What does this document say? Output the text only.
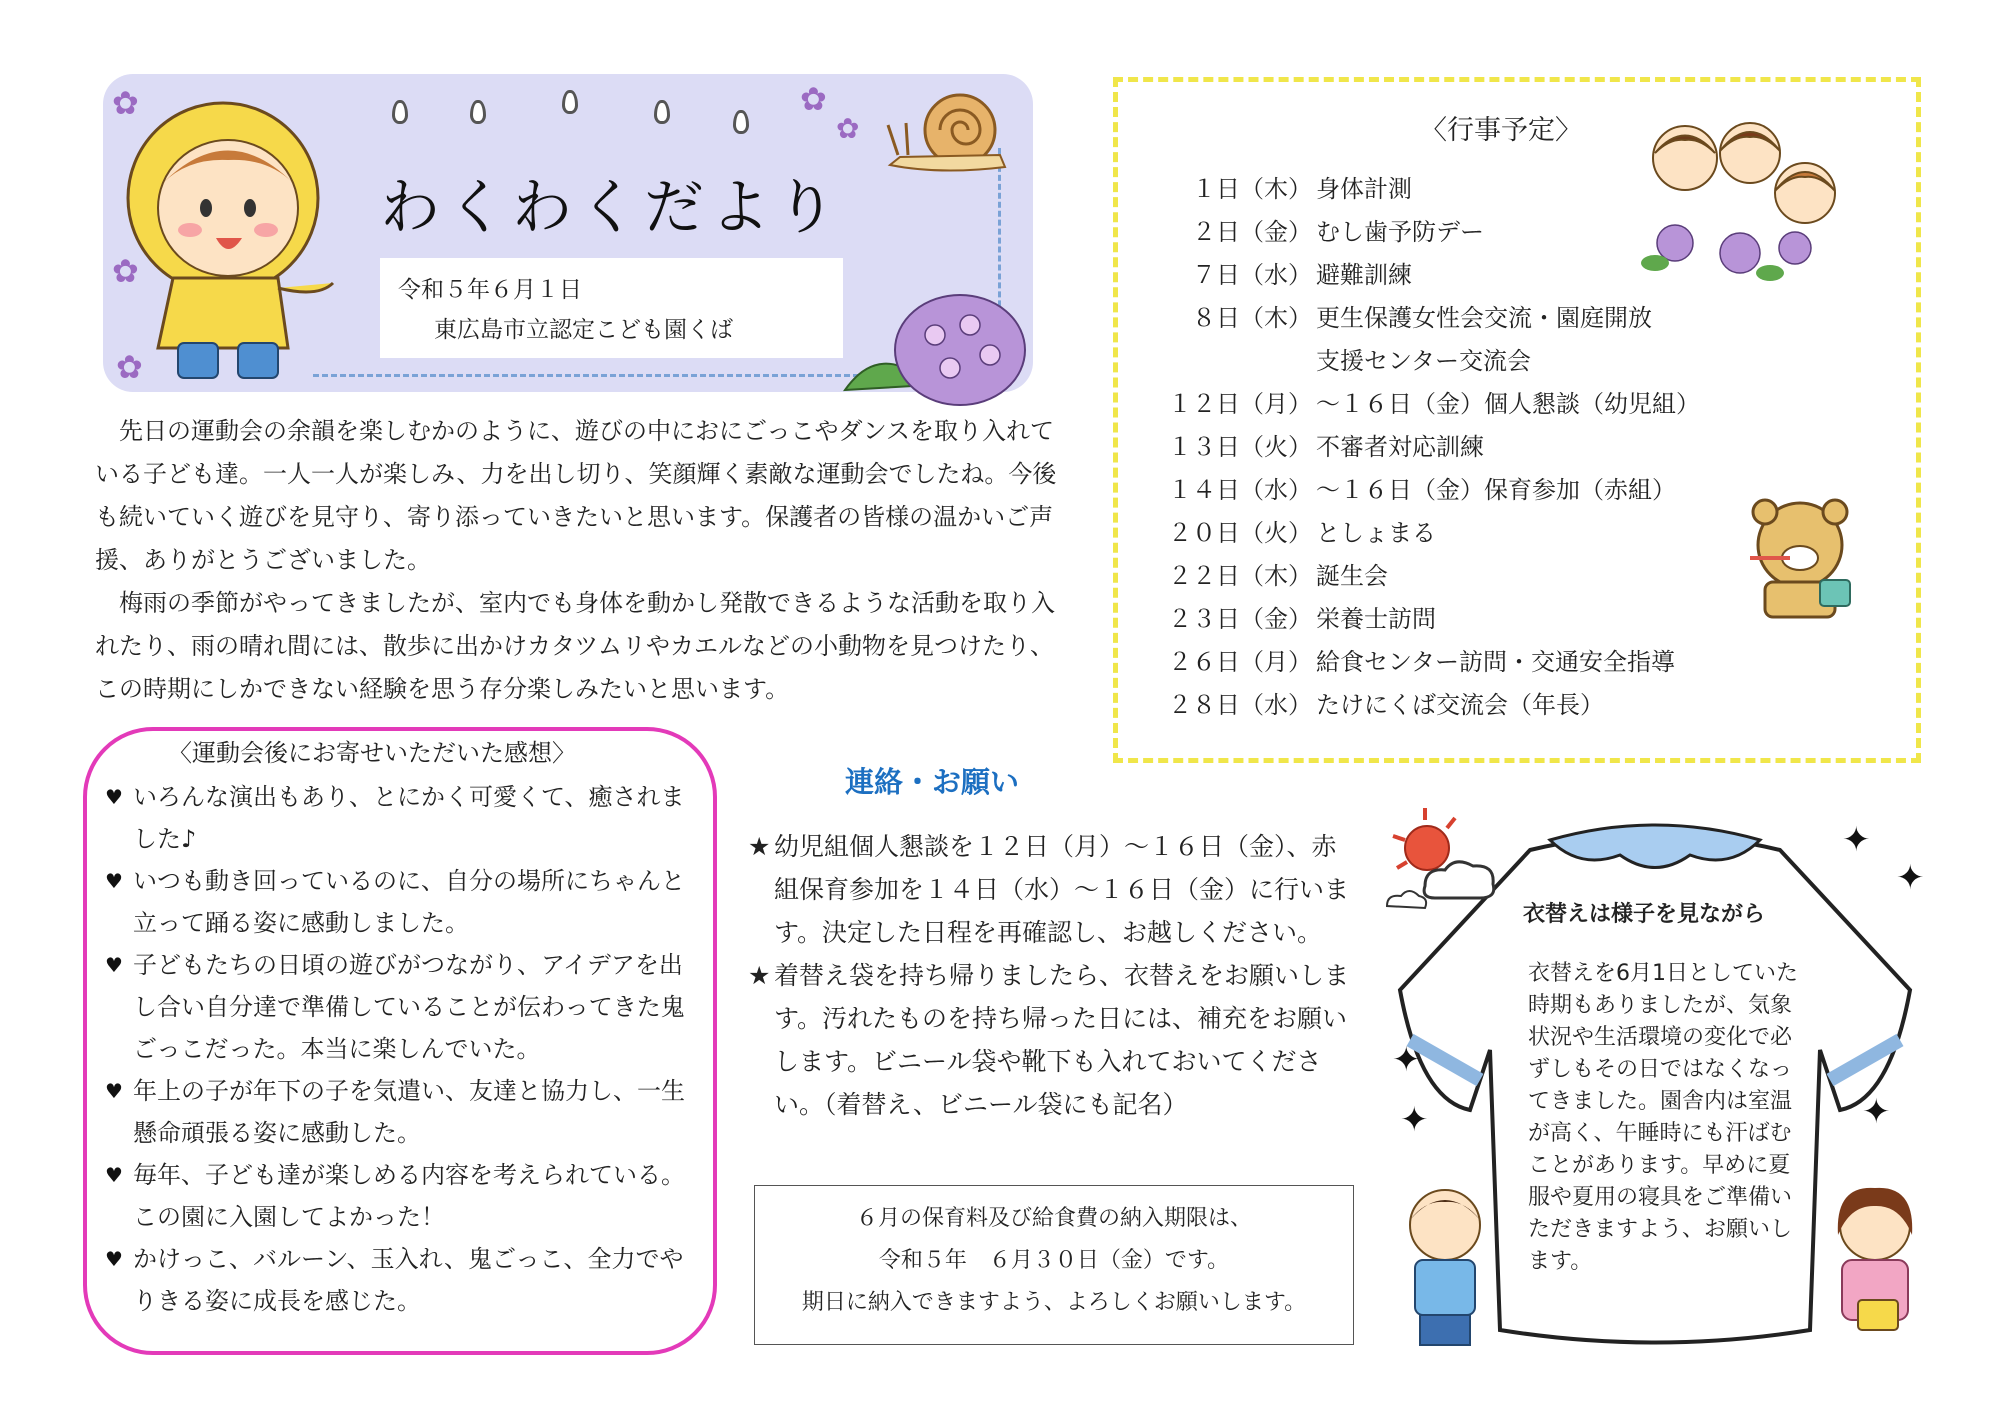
わくわくだより
令和５年６月１日
東広島市立認定こども園くば

先日の運動会の余韻を楽しむかのように、遊びの中におにごっこやダンスを取り入れている子ども達。一人一人が楽しみ、力を出し切り、笑顔輝く素敵な運動会でしたね。今後も続いていく遊びを見守り、寄り添っていきたいと思います。保護者の皆様の温かいご声援、ありがとうございました。

梅雨の季節がやってきましたが、室内でも身体を動かし発散できるような活動を取り入れたり、雨の晴れ間には、散歩に出かけカタツムリやカエルなどの小動物を見つけたり、この時期にしかできない経験を思う存分楽しみたいと思います。

〈行事予定〉
１日（木） 身体計測
２日（金） むし歯予防デー
７日（水） 避難訓練
８日（木） 更生保護女性会交流・園庭開放
支援センター交流会
１２日（月） ～１６日（金）個人懇談（幼児組）
１３日（火） 不審者対応訓練
１４日（水） ～１６日（金）保育参加（赤組）
２０日（火） としょまる
２２日（木） 誕生会
２３日（金） 栄養士訪問
２６日（月） 給食センター訪問・交通安全指導
２８日（水） たけにくば交流会（年長）
〈運動会後にお寄せいただいた感想〉
♥ いろんな演出もあり、とにかく可愛くて、癒されました♪
♥ いつも動き回っているのに、自分の場所にちゃんと立って踊る姿に感動しました。
♥ 子どもたちの日頃の遊びがつながり、アイデアを出し合い自分達で準備していることが伝わってきた鬼ごっこだった。本当に楽しんでいた。
♥ 年上の子が年下の子を気遣い、友達と協力し、一生懸命頑張る姿に感動した。
♥ 毎年、子ども達が楽しめる内容を考えられている。この園に入園してよかった！
♥ かけっこ、バルーン、玉入れ、鬼ごっこ、全力でやりきる姿に成長を感じた。
連絡・お願い
★ 幼児組個人懇談を１２日（月）～１６日（金）、赤組保育参加を１４日（水）～１６日（金）に行います。決定した日程を再確認し、お越しください。
★ 着替え袋を持ち帰りましたら、衣替えをお願いします。汚れたものを持ち帰った日には、補充をお願いします。ビニール袋や靴下も入れておいてください。（着替え、ビニール袋にも記名）
６月の保育料及び給食費の納入期限は、
令和５年　６月３０日（金）です。
期日に納入できますよう、よろしくお願いします。
衣替えは様子を見ながら
衣替えを6月1日としていた時期もありましたが、気象状況や生活環境の変化で必ずしもその日ではなくなってきました。園舎内は室温が高く、午睡時にも汗ばむことがあります。早めに夏服や夏用の寝具をご準備いただきますよう、お願いします。
✦
✦
✦
✦	✦
✿
✿
✿
✿
✿
